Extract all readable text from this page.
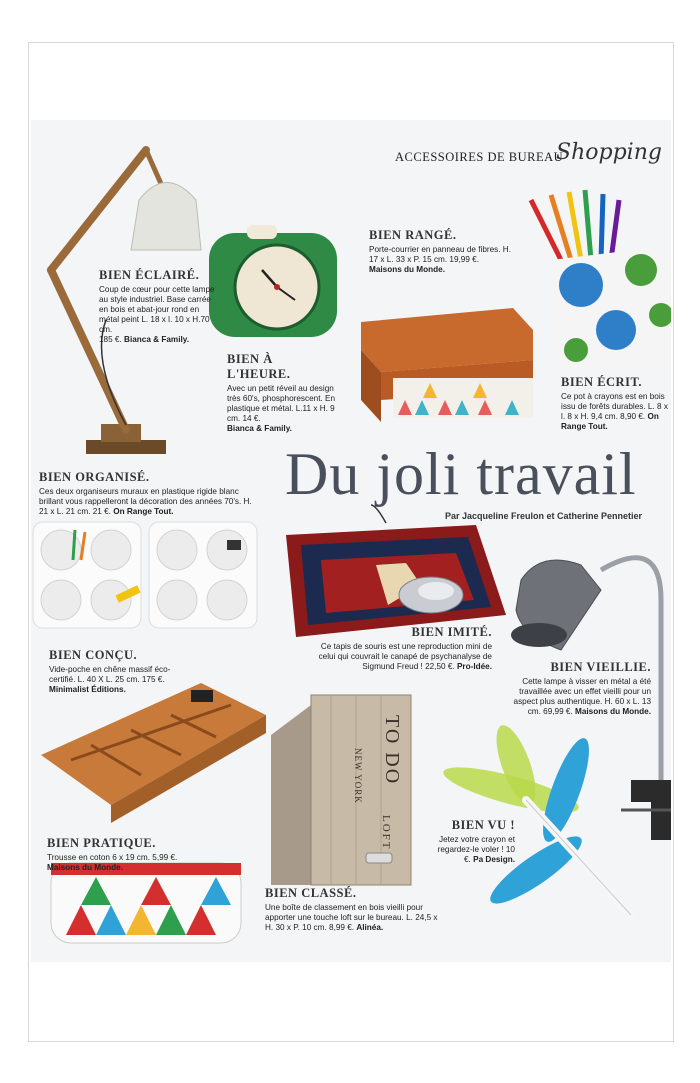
ACCESSOIRES DE BUREAU
Shopping
Du joli travail
Par Jacqueline Freulon et Catherine Pennetier
TO DO
NEW YORK
LOFT
BIEN ÉCLAIRÉ.

Coup de cœur pour cette lampe au style industriel. Base carrée en bois et abat-jour rond en métal peint L. 18 x l. 10 x H.70 cm.
185 €. Bianca & Family.

BIEN À L'HEURE.

Avec un petit réveil au design très 60's, phosphorescent. En plastique et métal. L.11 x H. 9 cm. 14 €.
Bianca & Family.

BIEN RANGÉ.

Porte-courrier en panneau de fibres. H. 17 x L. 33 x P. 15 cm. 19,99 €.
Maisons du Monde.

BIEN ÉCRIT.

Ce pot à crayons est en bois issu de forêts durables. L. 8 x l. 8 x H. 9,4 cm. 8,90 €. On Range Tout.

BIEN ORGANISÉ.

Ces deux organiseurs muraux en plastique rigide blanc brillant vous rappelleront la décoration des années 70's. H. 21 x L. 21 cm. 21 €. On Range Tout.

BIEN IMITÉ.

Ce tapis de souris est une reproduction mini de celui qui couvrait le canapé de psychanalyse de Sigmund Freud ! 22,50 €. Pro-Idée.

BIEN CONÇU.

Vide-poche en chêne massif éco-certifié. L. 40 X L. 25 cm. 175 €. Minimalist Éditions.

BIEN VIEILLIE.

Cette lampe à visser en métal a été travaillée avec un effet vieilli pour un aspect plus authentique. H. 60 x L. 13 cm. 69,99 €. Maisons du Monde.

BIEN PRATIQUE.

Trousse en coton 6 x 19 cm. 5,99 €.
Maisons du Monde.

BIEN CLASSÉ.

Une boîte de classement en bois vieilli pour apporter une touche loft sur le bureau. L. 24,5 x H. 30 x P. 10 cm. 8,99 €. Alinéa.

BIEN VU !

Jetez votre crayon et regardez-le voler ! 10 €. Pa Design.
